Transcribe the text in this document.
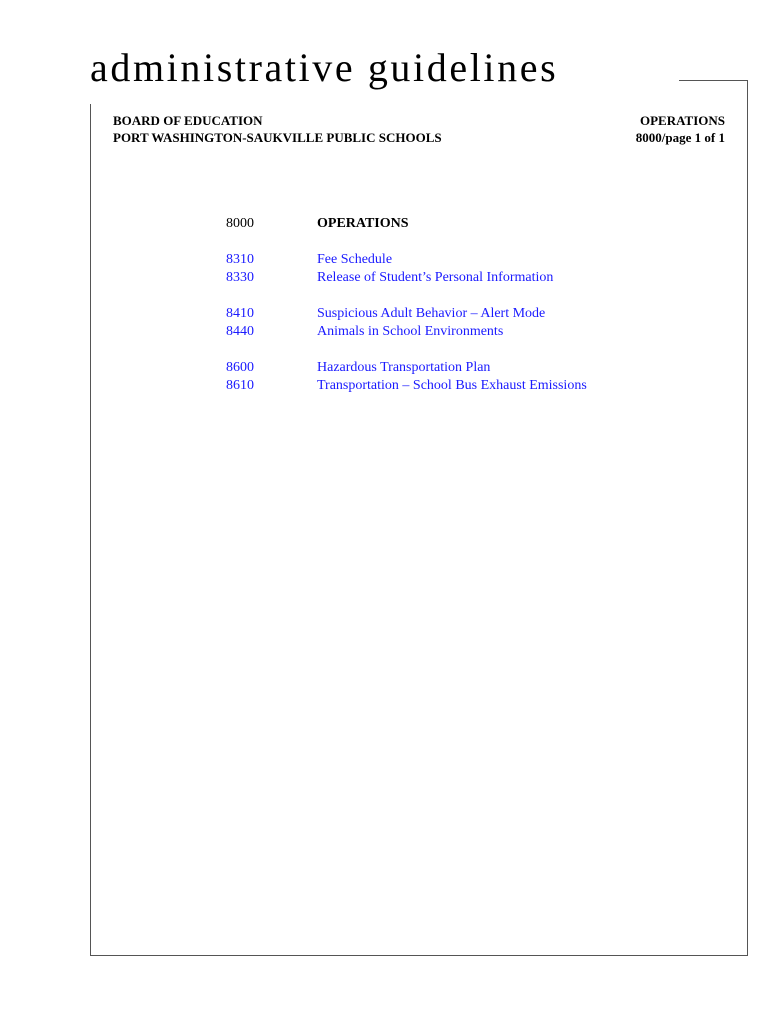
administrative guidelines
BOARD OF EDUCATION
PORT WASHINGTON-SAUKVILLE PUBLIC SCHOOLS
OPERATIONS
8000/page 1 of 1
8000	OPERATIONS
8310	Fee Schedule
8330	Release of Student’s Personal Information
8410	Suspicious Adult Behavior – Alert Mode
8440	Animals in School Environments
8600	Hazardous Transportation Plan
8610	Transportation – School Bus Exhaust Emissions
